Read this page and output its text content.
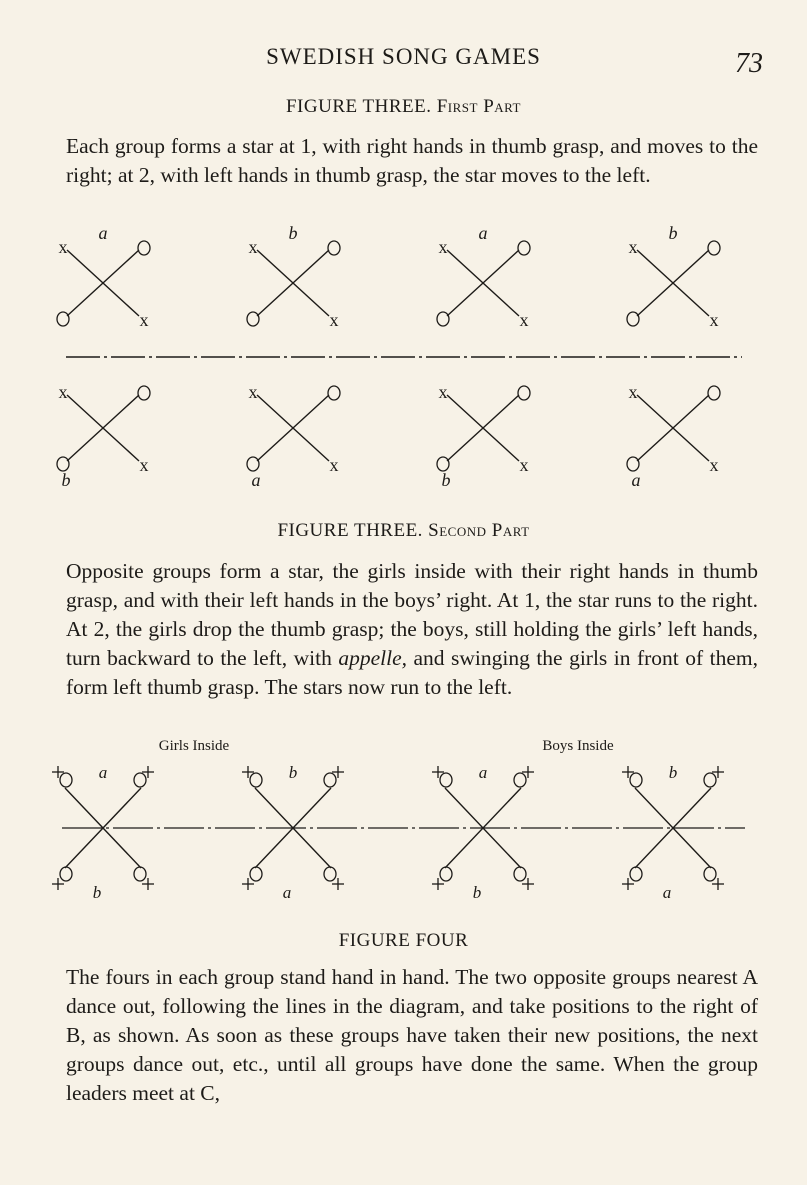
SWEDISH SONG GAMES	73
FIGURE THREE. First Part

Each group forms a star at 1, with right hands in thumb grasp, and moves to the right; at 2, with left hands in thumb grasp, the star moves to the left.

x
x
a
x
x
b
x
x
b
x
x
a
x
x
a
x
x
b
x
x
b
x
x
a
FIGURE THREE. Second Part

Opposite groups form a star, the girls inside with their right hands in thumb grasp, and with their left hands in the boys’ right. At 1, the star runs to the right. At 2, the girls drop the thumb grasp; the boys, still holding the girls’ left hands, turn backward to the left, with appelle, and swinging the girls in front of them, form left thumb grasp. The stars now run to the left.

Girls Inside	Boys Inside
a
b
b
a
a
b
b
a
FIGURE FOUR

The fours in each group stand hand in hand. The two opposite groups nearest A dance out, following the lines in the diagram, and take positions to the right of B, as shown. As soon as these groups have taken their new positions, the next groups dance out, etc., until all groups have done the same. When the group leaders meet at C,
